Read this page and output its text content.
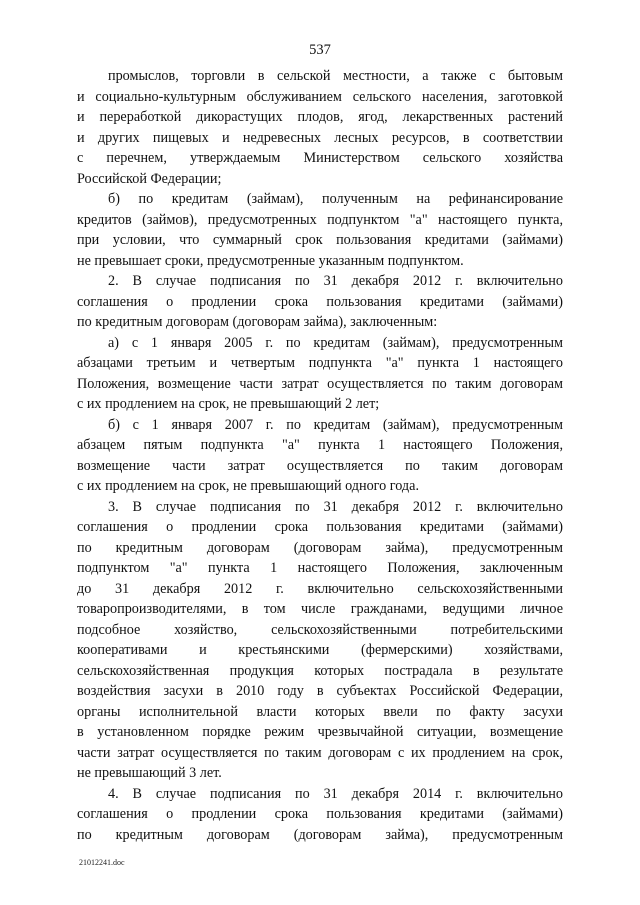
537
промыслов, торговли в сельской местности, а также с бытовым
и социально-культурным обслуживанием сельского населения, заготовкой
и переработкой дикорастущих плодов, ягод, лекарственных растений
и других пищевых и недревесных лесных ресурсов, в соответствии
с перечнем, утверждаемым Министерством сельского хозяйства
Российской Федерации;
б) по кредитам (займам), полученным на рефинансирование
кредитов (займов), предусмотренных подпунктом "а" настоящего пункта,
при условии, что суммарный срок пользования кредитами (займами)
не превышает сроки, предусмотренные указанным подпунктом.
2. В случае подписания по 31 декабря 2012 г. включительно
соглашения о продлении срока пользования кредитами (займами)
по кредитным договорам (договорам займа), заключенным:
а) с 1 января 2005 г. по кредитам (займам), предусмотренным
абзацами третьим и четвертым подпункта "а" пункта 1 настоящего
Положения, возмещение части затрат осуществляется по таким договорам
с их продлением на срок, не превышающий 2 лет;
б) с 1 января 2007 г. по кредитам (займам), предусмотренным
абзацем пятым подпункта "а" пункта 1 настоящего Положения,
возмещение части затрат осуществляется по таким договорам
с их продлением на срок, не превышающий одного года.
3. В случае подписания по 31 декабря 2012 г. включительно
соглашения о продлении срока пользования кредитами (займами)
по кредитным договорам (договорам займа), предусмотренным
подпунктом "а" пункта 1 настоящего Положения, заключенным
до 31 декабря 2012 г. включительно сельскохозяйственными
товаропроизводителями, в том числе гражданами, ведущими личное
подсобное хозяйство, сельскохозяйственными потребительскими
кооперативами и крестьянскими (фермерскими) хозяйствами,
сельскохозяйственная продукция которых пострадала в результате
воздействия засухи в 2010 году в субъектах Российской Федерации,
органы исполнительной власти которых ввели по факту засухи
в установленном порядке режим чрезвычайной ситуации, возмещение
части затрат осуществляется по таким договорам с их продлением на срок,
не превышающий 3 лет.
4. В случае подписания по 31 декабря 2014 г. включительно
соглашения о продлении срока пользования кредитами (займами)
по кредитным договорам (договорам займа), предусмотренным
21012241.doc
